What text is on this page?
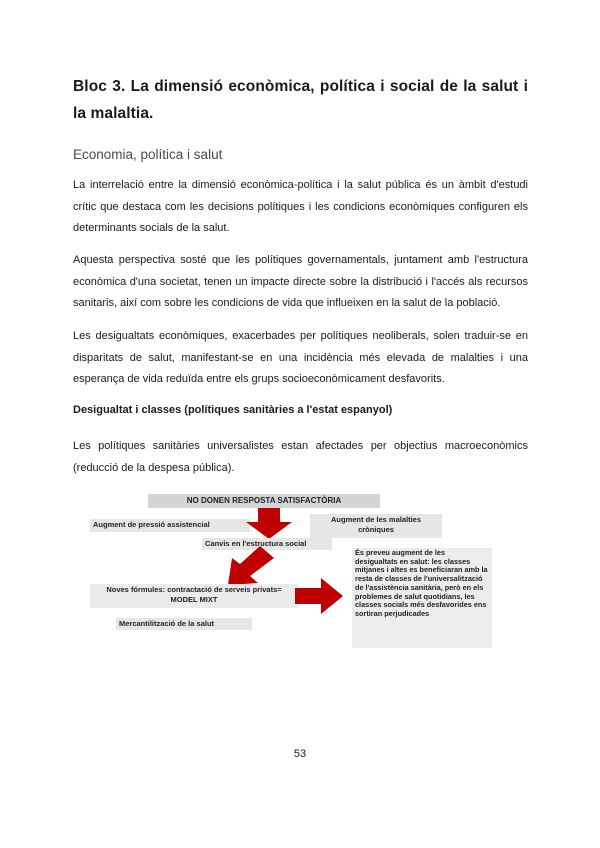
Bloc 3. La dimensió econòmica, política i social de la salut i la malaltia.
Economia, política i salut
La interrelació entre la dimensió econòmica-política i la salut pública és un àmbit d'estudi crític que destaca com les decisions polítiques i les condicions econòmiques configuren els determinants socials de la salut.
Aquesta perspectiva sosté que les polítiques governamentals, juntament amb l'estructura econòmica d'una societat, tenen un impacte directe sobre la distribució i l'accés als recursos sanitaris, així com sobre les condicions de vida que influeixen en la salut de la població.
Les desigualtats econòmiques, exacerbades per polítiques neoliberals, solen traduir-se en disparitats de salut, manifestant-se en una incidència més elevada de malalties i una esperança de vida reduïda entre els grups socioeconòmicament desfavorits.
Desigualtat i classes (polítiques sanitàries a l'estat espanyol)
Les polítiques sanitàries universalistes estan afectades per objectius macroeconòmics (reducció de la despesa pública).
NO DONEN RESPOSTA SATISFACTÒRIA
Augment de pressió assistencial
Augment de les malalties cròniques
Canvis en l'estructura social
Noves fórmules: contractació de serveis privats= MODEL MIXT
Mercantilització de la salut
És preveu augment de les desigualtats en salut: les classes mitjanes i altes es beneficiaran amb la resta de classes de l'universalització de l'assistència sanitària, però en els problemes de salut quotidians, les classes socials més desfavorides ens sortiran perjudicades
53
